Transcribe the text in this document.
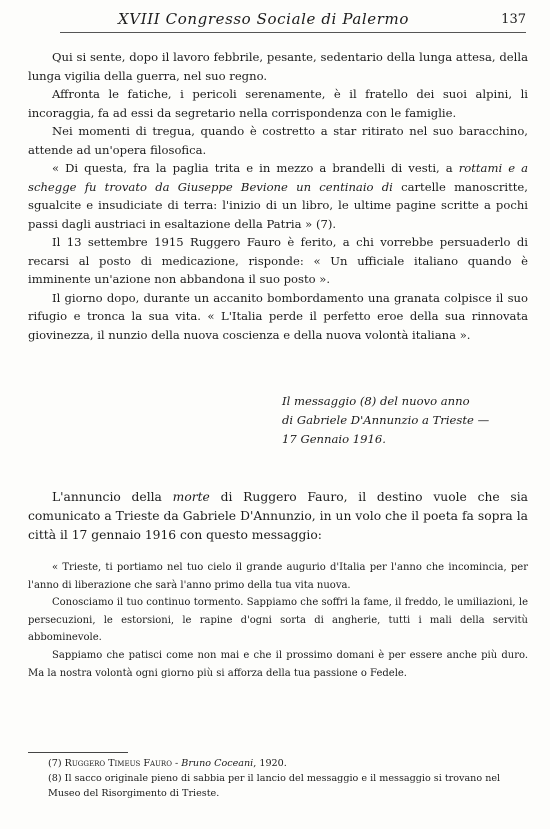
XVIII Congresso Sociale di Palermo	137

Qui si sente, dopo il lavoro febbrile, pesante, sedentario della lunga attesa, della lunga vigilia della guerra, nel suo regno.

Affronta le fatiche, i pericoli serenamente, è il fratello dei suoi alpini, li incoraggia, fa ad essi da segretario nella corrispondenza con le famiglie.

Nei momenti di tregua, quando è costretto a star ritirato nel suo baracchino, attende ad un'opera filosofica.

« Di questa, fra la paglia trita e in mezzo a brandelli di vesti, a rottami e a schegge fu trovato da Giuseppe Bevione un centinaio di cartelle manoscritte, sgualcite e insudiciate di terra: l'inizio di un libro, le ultime pagine scritte a pochi passi dagli austriaci in esaltazione della Patria » (7).

Il 13 settembre 1915 Ruggero Fauro è ferito, a chi vorrebbe persuaderlo di recarsi al posto di medicazione, risponde: « Un ufficiale italiano quando è imminente un'azione non abbandona il suo posto ».

Il giorno dopo, durante un accanito bombordamento una granata colpisce il suo rifugio e tronca la sua vita. « L'Italia perde il perfetto eroe della sua rinnovata giovinezza, il nunzio della nuova coscienza e della nuova volontà italiana ».

Il messaggio (8) del nuovo anno
di Gabriele D'Annunzio a Trieste — 17 Gennaio 1916.

L'annuncio della morte di Ruggero Fauro, il destino vuole che sia comunicato a Trieste da Gabriele D'Annunzio, in un volo che il poeta fa sopra la città il 17 gennaio 1916 con questo messaggio:

« Trieste, ti portiamo nel tuo cielo il grande augurio d'Italia per l'anno che incomincia, per l'anno di liberazione che sarà l'anno primo della tua vita nuova.

Conosciamo il tuo continuo tormento. Sappiamo che soffri la fame, il freddo, le umiliazioni, le persecuzioni, le estorsioni, le rapine d'ogni sorta di angherie, tutti i mali della servitù abbominevole.

Sappiamo che patisci come non mai e che il prossimo domani è per essere anche più duro. Ma la nostra volontà ogni giorno più si afforza della tua passione o Fedele.

(7) Ruggero Timeus Fauro - Bruno Coceani, 1920.

(8) Il sacco originale pieno di sabbia per il lancio del messaggio e il messaggio si trovano nel Museo del Risorgimento di Trieste.
